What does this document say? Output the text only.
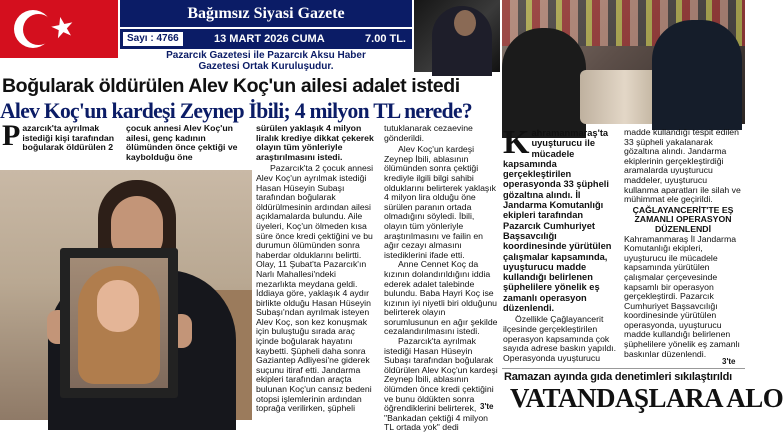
★	Bağımsız Siyasi Gazete
Sayı : 4766	13 MART 2026 CUMA	7.00 TL.
Pazarcık Gazetesi ile Pazarcık Aksu Haber
Gazetesi Ortak Kuruluşudur.
Boğularak öldürülen Alev Koç'un ailesi adalet istedi
Alev Koç'un kardeşi Zeynep İbili; 4 milyon TL nerede?
P azarcık'ta ayrılmak istediği kişi tarafından boğularak öldürülen 2
çocuk annesi Alev Koç'un ailesi, genç kadının ölümünden önce çektiği ve kaybolduğu öne
sürülen yaklaşık 4 milyon liralık krediye dikkat çekerek olayın tüm yönleriyle araştırılmasını istedi.

Pazarcık'ta 2 çocuk annesi Alev Koç'un ayrılmak istediği Hasan Hüseyin Subaşı tarafından boğularak öldürülmesinin ardından ailesi açıklamalarda bulundu. Aile üyeleri, Koç'un ölmeden kısa süre önce kredi çektiğini ve bu durumun ölümünden sonra haberdar olduklarını belirtti. Olay, 11 Şubat'ta Pazarcık'ın Narlı Mahallesi'ndeki mezarlıkta meydana geldi. İddiaya göre, yaklaşık 4 aydır birlikte olduğu Hasan Hüseyin Subaşı'ndan ayrılmak isteyen Alev Koç, son kez konuşmak için buluştuğu sırada araç içinde boğularak hayatını kaybetti. Şüpheli daha sonra Gaziantep Adliyesi'ne giderek suçunu itiraf etti. Jandarma ekipleri tarafından araçta bulunan Koç'un cansız bedeni otopsi işlemlerinin ardından toprağa verilirken, şüpheli

tutuklanarak cezaevine gönderildi.

Alev Koç'un kardeşi Zeynep İbili, ablasının ölümünden sonra çektiği krediyle ilgili bilgi sahibi olduklarını belirterek yaklaşık 4 milyon lira olduğu öne sürülen paranın ortada olmadığını söyledi. İbili, olayın tüm yönleriyle araştırılmasını ve failin en ağır cezayı almasını istediklerini ifade etti.

Anne Cennet Koç da kızının dolandırıldığını iddia ederek adalet talebinde bulundu. Baba Hayri Koç ise kızının iyi niyetli biri olduğunu belirterek olayın sorumlusunun en ağır şekilde cezalandırılmasını istedi.

Pazarcık'ta ayrılmak istediği Hasan Hüseyin Subaşı tarafından boğularak öldürülen Alev Koç'un kardeşi Zeynep İbili, ablasının ölümden önce kredi çektiğini ve bunu öldükten sonra öğrendiklerini belirterek, "Bankadan çektiği 4 milyon TL ortada yok" dedi

3'te
K ahramanmaraş'ta uyuşturucu ile mücadele kapsamında gerçekleştirilen operasyonda 33 şüpheli gözaltına alındı. İl Jandarma Komutanlığı ekipleri tarafından Pazarcık Cumhuriyet Başsavcılığı koordinesinde yürütülen çalışmalar kapsamında, uyuşturucu madde kullandığı belirlenen şüphelilere yönelik eş zamanlı operasyon düzenlendi.

Özellikle Çağlayancerit ilçesinde gerçekleştirilen operasyon kapsamında çok sayıda adrese baskın yapıldı. Operasyonda uyuşturucu

madde kullandığı tespit edilen 33 şüpheli yakalanarak gözaltına alındı. Jandarma ekiplerinin gerçekleştirdiği aramalarda uyuşturucu maddeler, uyuşturucu kullanma aparatları ile silah ve mühimmat ele geçirildi.
ÇAĞLAYANCERİT'TE EŞ ZAMANLI OPERASYON DÜZENLENDİ
Kahramanmaraş İl Jandarma Komutanlığı ekipleri, uyuşturucu ile mücadele kapsamında yürütülen çalışmalar çerçevesinde kapsamlı bir operasyon gerçekleştirdi. Pazarcık Cumhuriyet Başsavcılığı koordinesinde yürütülen operasyonda, uyuşturucu madde kullandığı belirlenen şüphelilere yönelik eş zamanlı baskınlar düzenlendi.
3'te
Ramazan ayında gıda denetimleri sıkılaştırıldı
VATANDAŞLARA ALO
